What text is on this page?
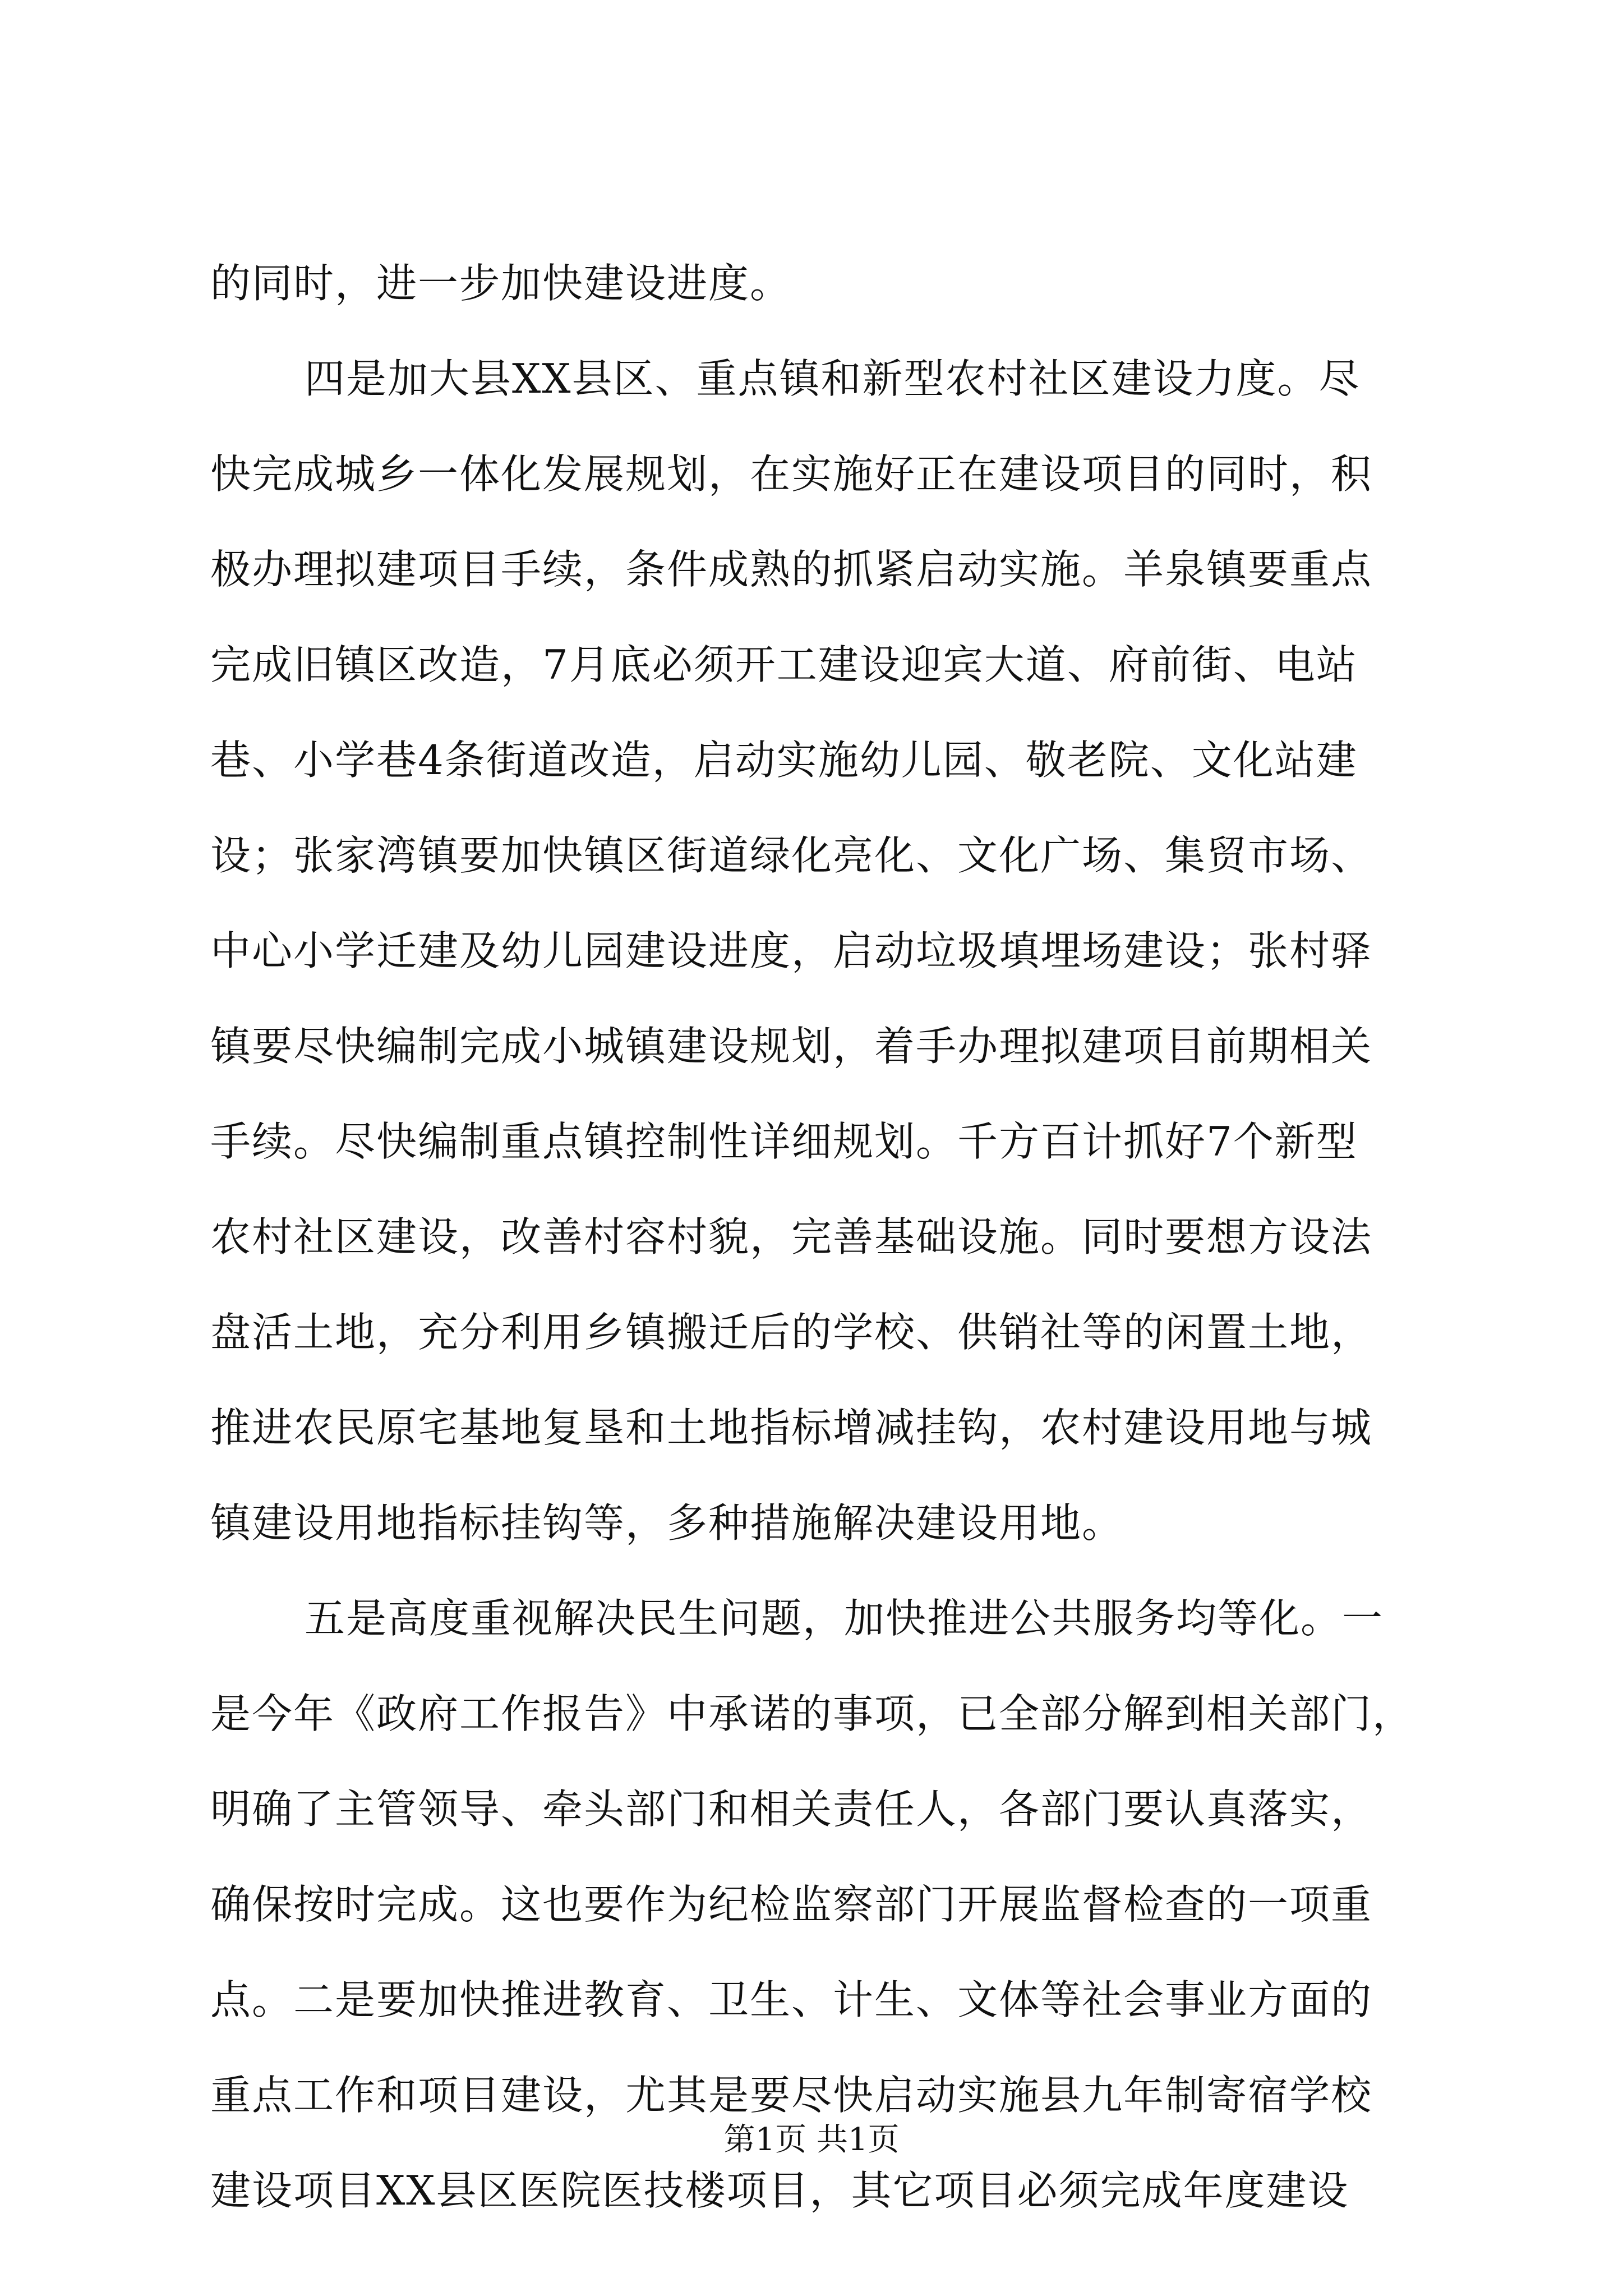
的同时，进一步加快建设进度。
四是加大县XX县区、重点镇和新型农村社区建设力度。尽
快完成城乡一体化发展规划，在实施好正在建设项目的同时，积
极办理拟建项目手续，条件成熟的抓紧启动实施。羊泉镇要重点
完成旧镇区改造，7月底必须开工建设迎宾大道、府前街、电站
巷、小学巷4条街道改造，启动实施幼儿园、敬老院、文化站建
设；张家湾镇要加快镇区街道绿化亮化、文化广场、集贸市场、
中心小学迁建及幼儿园建设进度，启动垃圾填埋场建设；张村驿
镇要尽快编制完成小城镇建设规划，着手办理拟建项目前期相关
手续。尽快编制重点镇控制性详细规划。千方百计抓好7个新型
农村社区建设，改善村容村貌，完善基础设施。同时要想方设法
盘活土地，充分利用乡镇搬迁后的学校、供销社等的闲置土地，
推进农民原宅基地复垦和土地指标增减挂钩，农村建设用地与城
镇建设用地指标挂钩等，多种措施解决建设用地。
五是高度重视解决民生问题，加快推进公共服务均等化。一
是今年《政府工作报告》中承诺的事项，已全部分解到相关部门，
明确了主管领导、牵头部门和相关责任人，各部门要认真落实，
确保按时完成。这也要作为纪检监察部门开展监督检查的一项重
点。二是要加快推进教育、卫生、计生、文体等社会事业方面的
重点工作和项目建设，尤其是要尽快启动实施县九年制寄宿学校
建设项目XX县区医院医技楼项目，其它项目必须完成年度建设
第1页 共1页
